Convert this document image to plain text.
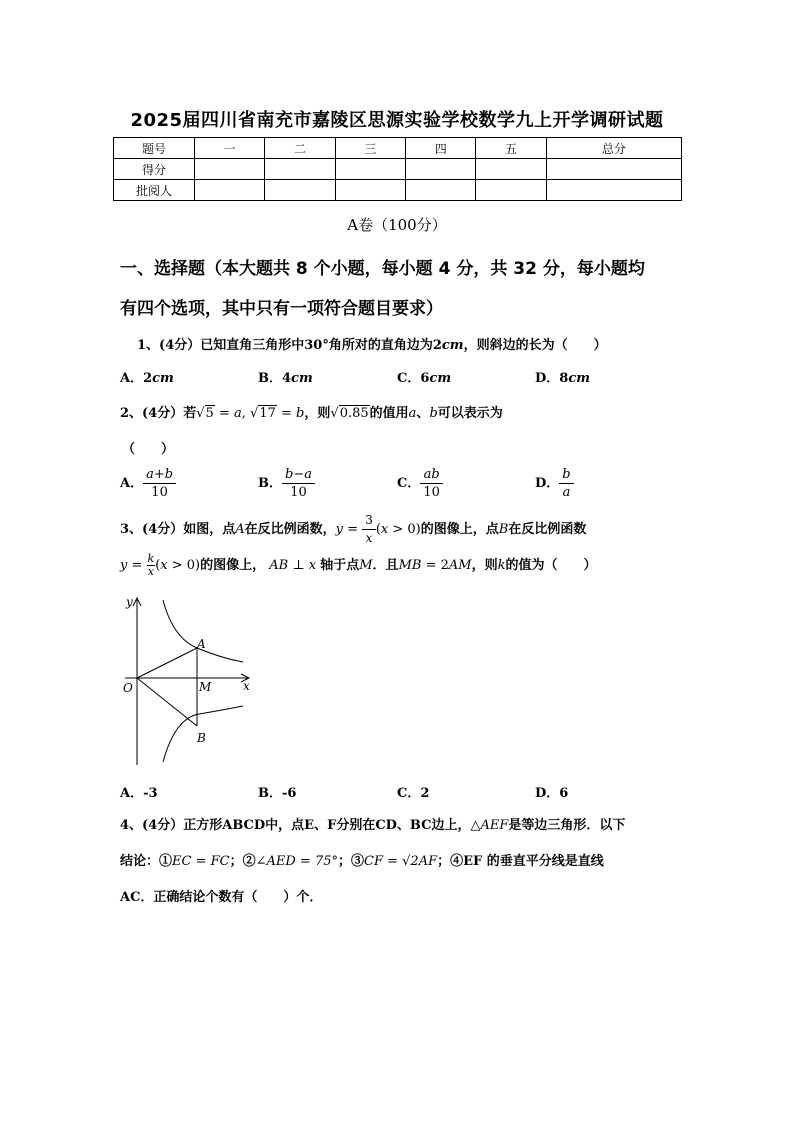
2025届四川省南充市嘉陵区思源实验学校数学九上开学调研试题
题号	一	二	三	四	五	总分
得分						
批阅人						
A卷（100分）
一、选择题（本大题共 8 个小题，每小题 4 分，共 32 分，每小题均
有四个选项，其中只有一项符合题目要求）
1、(4分）已知直角三角形中30°角所对的直角边为2cm，则斜边的长为（　　）
A．2cm	B．4cm	C．6cm	D．8cm
2、(4分）若√5 = a, √17 = b，则√0.85的值用a、b可以表示为
（　　）
A． $\frac{a+b}{10}$	B． $\frac{b-a}{10}$	C． $\frac{ab}{10}$	D． $\frac{b}{a}$
3、(4分）如图，点A在反比例函数，$y = \frac{3}{x} (x > 0)$的图像上，点B在反比例函数
$y = \frac{k}{x} (x > 0)$的图像上， AB ⊥ x 轴于点M．且MB = 2AM，则k的值为（　　）
y
x
O
A
M
B
A．-3	B．-6	C．2	D．6
4、(4分）正方形ABCD中，点E、F分别在CD、BC边上，△AEF是等边三角形．以下
结论：①EC = FC；②∠AED = 75°；③CF = √2AF；④EF 的垂直平分线是直线
AC．正确结论个数有（　　）个．
